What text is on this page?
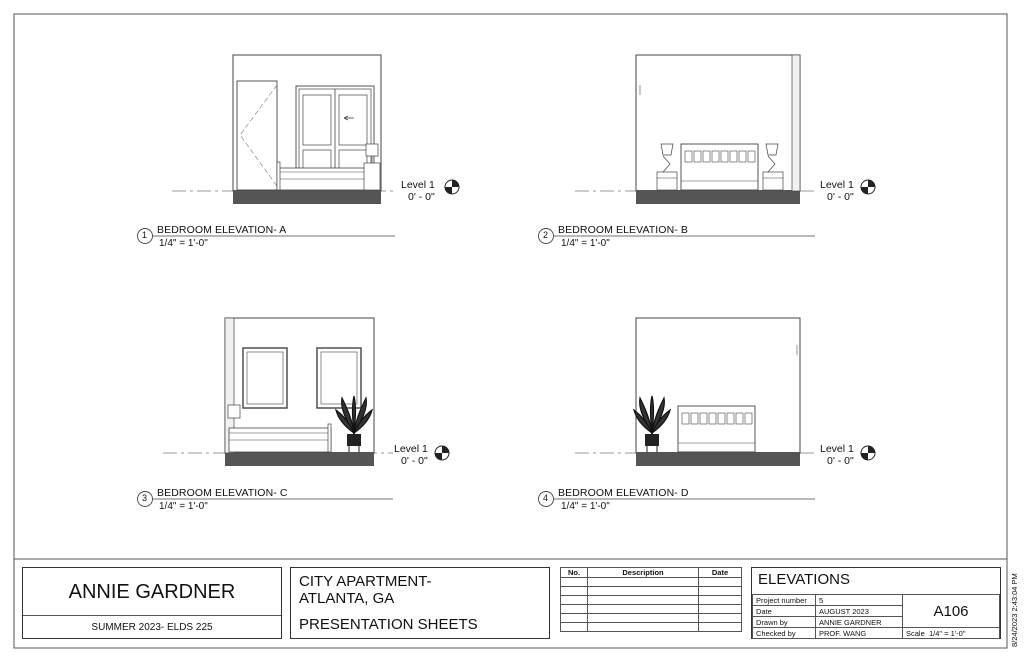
1 BEDROOM ELEVATION- A
1/4" = 1'-0"
Level 1
0' - 0"
2 BEDROOM ELEVATION- B
1/4" = 1'-0"
Level 1
0' - 0"
3 BEDROOM ELEVATION- C
1/4" = 1'-0"
Level 1
0' - 0"
4 BEDROOM ELEVATION- D
1/4" = 1'-0"
Level 1
0' - 0"
ANNIE GARDNER
SUMMER 2023- ELDS 225
CITY APARTMENT-
ATLANTA, GA
PRESENTATION SHEETS
No.	Description	Date

		ELEVATIONS
Project number	5	A106
Date	AUGUST 2023	
Drawn by	ANNIE GARDNER	
Checked by	PROF. WANG	Scale 1/4" = 1'-0"	8/24/2023 2:43:04 PM
